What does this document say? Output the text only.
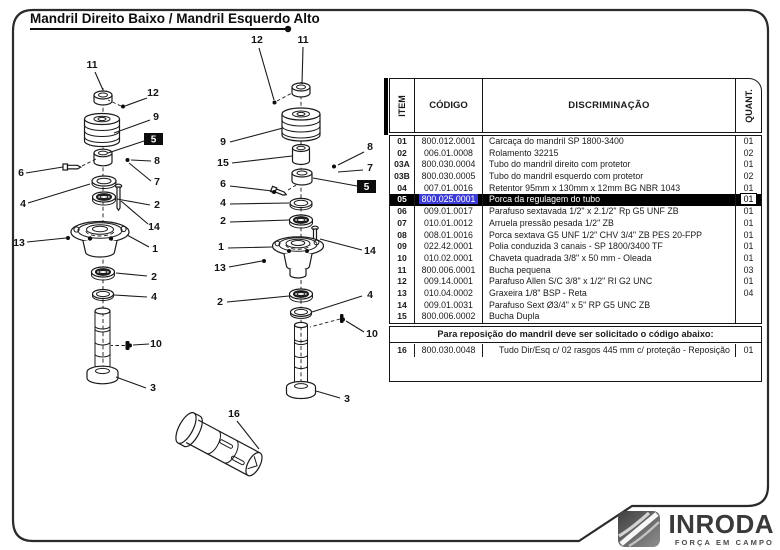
11
12
9
5
8
6
7
4	2
14
1
13
2
4
10
3
12	11
9
15
8
7
5
6
4
2
1	14
13
2
4
10
3
16
Mandril Direito Baixo / Mandril Esquerdo Alto
ITEM CÓDIGO	DISCRIMINAÇÃO	QUANT.
01	800.012.0001	Carcaça do mandril SP 1800-3400	01
02	006.01.0008	Rolamento 32215	02
03A	800.030.0004	Tubo do mandril direito com protetor	01
03B	800.030.0005	Tubo do mandril esquerdo com protetor	02
04	007.01.0016	Retentor 95mm x 130mm x 12mm BG NBR 1043	01
05	800.025.0001	Porca da regulagem do tubo	01
06	009.01.0017	Parafuso sextavada 1/2" x 2.1/2" Rp G5 UNF ZB	01
07	010.01.0012	Arruela pressão pesada 1/2" ZB	01
08	008.01.0016	Porca sextava G5 UNF 1/2" CHV 3/4" ZB PES 20-FPP	01
09	022.42.0001	Polia conduzida 3 canais - SP 1800/3400 TF	01
10	010.02.0001	Chaveta quadrada 3/8" x 50 mm - Oleada	01
11	800.006.0001	Bucha pequena	03
12	009.14.0001	Parafuso Allen S/C 3/8" x 1/2" RI G2 UNC	01
13	010.04.0002	Graxeira 1/8" BSP - Reta	04
14	009.01.0031	Parafuso Sext Ø3/4" x 5" RP G5 UNC ZB
15	800.006.0002	Bucha Dupla
Para reposição do mandril deve ser solicitado o código abaixo:
16	800.030.0048	Tudo Dir/Esq c/ 02 rasgos 445 mm c/ proteção - Reposição	01
INRODA
FORÇA EM CAMPO
